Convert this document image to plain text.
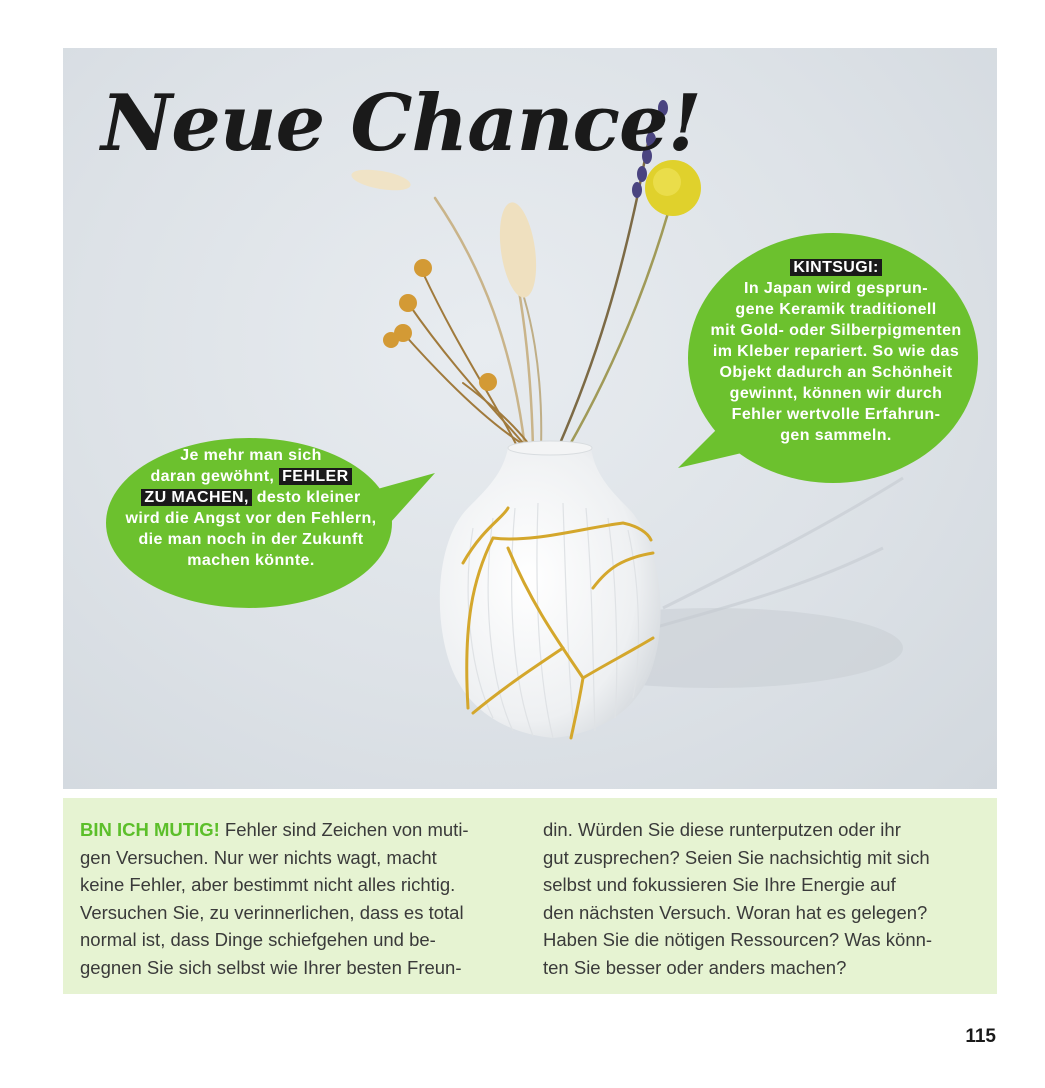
Neue Chance!
Je mehr man sich
daran gewöhnt, FEHLER
ZU MACHEN, desto kleiner
wird die Angst vor den Fehlern,
die man noch in der Zukunft
machen könnte.
KINTSUGI:
In Japan wird gesprun-
gene Keramik traditionell
mit Gold- oder Silberpigmenten
im Kleber repariert. So wie das
Objekt dadurch an Schönheit
gewinnt, können wir durch
Fehler wertvolle Erfahrun-
gen sammeln.
BIN ICH MUTIG! Fehler sind Zeichen von muti-
gen Versuchen. Nur wer nichts wagt, macht
keine Fehler, aber bestimmt nicht alles richtig.
Versuchen Sie, zu verinnerlichen, dass es total
normal ist, dass Dinge schiefgehen und be-
gegnen Sie sich selbst wie Ihrer besten Freun-
din. Würden Sie diese runterputzen oder ihr
gut zusprechen? Seien Sie nachsichtig mit sich
selbst und fokussieren Sie Ihre Energie auf
den nächsten Versuch. Woran hat es gelegen?
Haben Sie die nötigen Ressourcen? Was könn-
ten Sie besser oder anders machen?
115
